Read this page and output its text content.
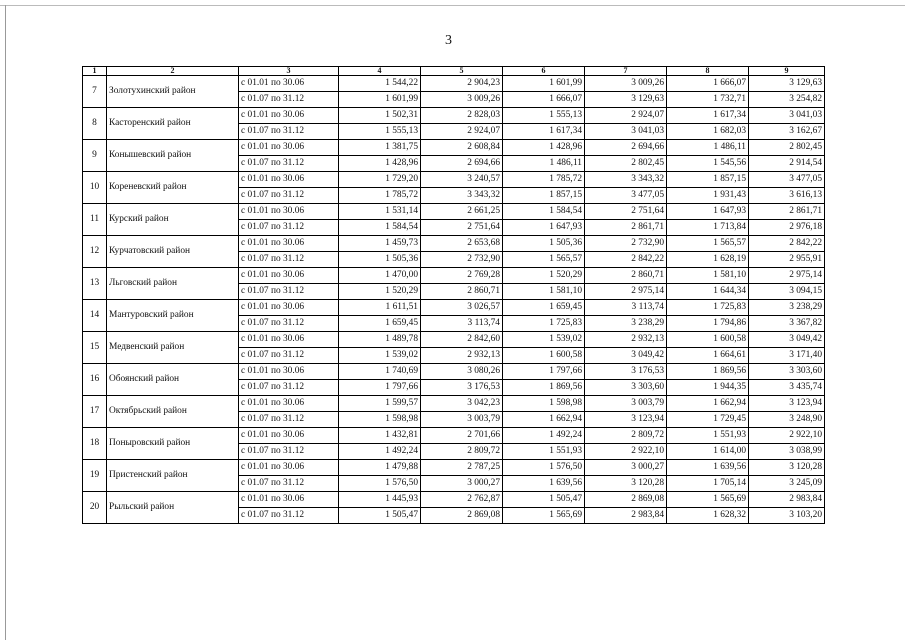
3
1	2	3	4	5	6	7	8	9
7	Золотухинский район	с 01.01 по 30.06	1 544,22	2 904,23	1 601,99	3 009,26	1 666,07	3 129,63
		с 01.07 по 31.12	1 601,99	3 009,26	1 666,07	3 129,63	1 732,71	3 254,82
8	Касторенский район	с 01.01 по 30.06	1 502,31	2 828,03	1 555,13	2 924,07	1 617,34	3 041,03
		с 01.07 по 31.12	1 555,13	2 924,07	1 617,34	3 041,03	1 682,03	3 162,67
9	Конышевский район	с 01.01 по 30.06	1 381,75	2 608,84	1 428,96	2 694,66	1 486,11	2 802,45
		с 01.07 по 31.12	1 428,96	2 694,66	1 486,11	2 802,45	1 545,56	2 914,54
10	Кореневский район	с 01.01 по 30.06	1 729,20	3 240,57	1 785,72	3 343,32	1 857,15	3 477,05
		с 01.07 по 31.12	1 785,72	3 343,32	1 857,15	3 477,05	1 931,43	3 616,13
11	Курский район	с 01.01 по 30.06	1 531,14	2 661,25	1 584,54	2 751,64	1 647,93	2 861,71
		с 01.07 по 31.12	1 584,54	2 751,64	1 647,93	2 861,71	1 713,84	2 976,18
12	Курчатовский район	с 01.01 по 30.06	1 459,73	2 653,68	1 505,36	2 732,90	1 565,57	2 842,22
		с 01.07 по 31.12	1 505,36	2 732,90	1 565,57	2 842,22	1 628,19	2 955,91
13	Льговский район	с 01.01 по 30.06	1 470,00	2 769,28	1 520,29	2 860,71	1 581,10	2 975,14
		с 01.07 по 31.12	1 520,29	2 860,71	1 581,10	2 975,14	1 644,34	3 094,15
14	Мантуровский район	с 01.01 по 30.06	1 611,51	3 026,57	1 659,45	3 113,74	1 725,83	3 238,29
		с 01.07 по 31.12	1 659,45	3 113,74	1 725,83	3 238,29	1 794,86	3 367,82
15	Медвенский район	с 01.01 по 30.06	1 489,78	2 842,60	1 539,02	2 932,13	1 600,58	3 049,42
		с 01.07 по 31.12	1 539,02	2 932,13	1 600,58	3 049,42	1 664,61	3 171,40
16	Обоянский район	с 01.01 по 30.06	1 740,69	3 080,26	1 797,66	3 176,53	1 869,56	3 303,60
		с 01.07 по 31.12	1 797,66	3 176,53	1 869,56	3 303,60	1 944,35	3 435,74
17	Октябрьский район	с 01.01 по 30.06	1 599,57	3 042,23	1 598,98	3 003,79	1 662,94	3 123,94
		с 01.07 по 31.12	1 598,98	3 003,79	1 662,94	3 123,94	1 729,45	3 248,90
18	Поныровский район	с 01.01 по 30.06	1 432,81	2 701,66	1 492,24	2 809,72	1 551,93	2 922,10
		с 01.07 по 31.12	1 492,24	2 809,72	1 551,93	2 922,10	1 614,00	3 038,99
19	Пристенский район	с 01.01 по 30.06	1 479,88	2 787,25	1 576,50	3 000,27	1 639,56	3 120,28
		с 01.07 по 31.12	1 576,50	3 000,27	1 639,56	3 120,28	1 705,14	3 245,09
20	Рыльский район	с 01.01 по 30.06	1 445,93	2 762,87	1 505,47	2 869,08	1 565,69	2 983,84
		с 01.07 по 31.12	1 505,47	2 869,08	1 565,69	2 983,84	1 628,32	3 103,20
